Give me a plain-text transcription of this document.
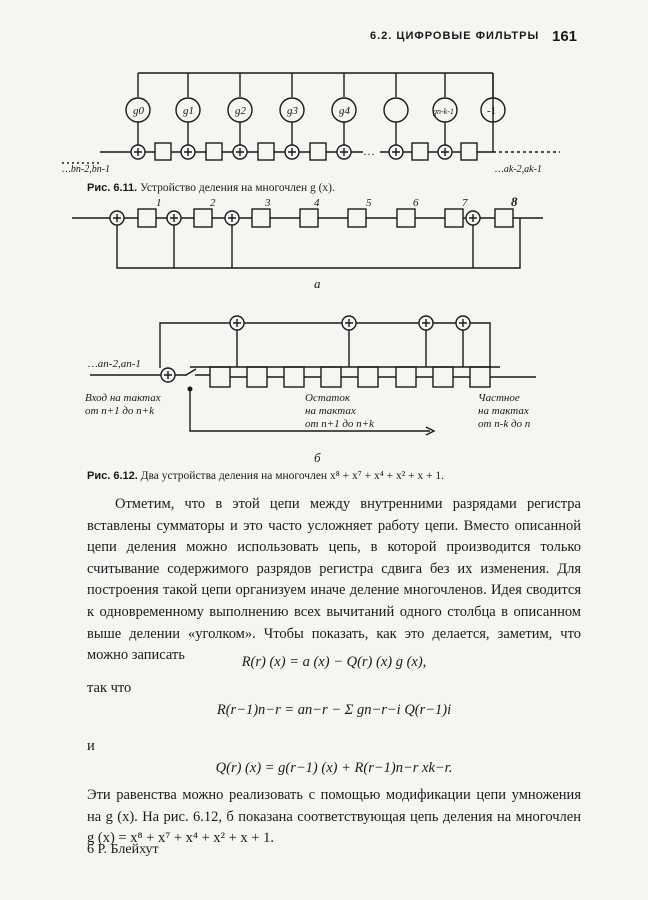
6.2. ЦИФРОВЫЕ ФИЛЬТРЫ 161
…
g0	g1	g2	g3	g4	gn-k-1	-1
…bn-2,bn-1	…ak-2,ak-1
Рис. 6.11. Устройство деления на многочлен g (x).
1	2	3	4	5	6	7	8
а
…an-2,an-1
Вход на тактах
от n+1 до n+k
Остаток
на тактах
от n+1 до n+k
Частное
на тактах
от n-k до n
б
Рис. 6.12. Два устройства деления на многочлен x⁸ + x⁷ + x⁴ + x² + x + 1.

Отметим, что в этой цепи между внутренними разрядами регистра вставлены сумматоры и это часто усложняет работу цепи. Вместо описанной цепи деления можно использовать цепь, в которой производится только считывание содержимого разрядов регистра сдвига без их изменения. Для построения такой цепи организуем иначе деление многочленов. Идея сводится к одновременному выполнению всех вычитаний одного столбца в описанном выше делении «уголком». Чтобы показать, как это делается, заметим, что можно записать	R(r) (x) = a (x) − Q(r) (x) g (x),
так что
R(r−1)n−r = an−r − Σ gn−r−i Q(r−1)i
и
Q(r) (x) = g(r−1) (x) + R(r−1)n−r xk−r.

Эти равенства можно реализовать с помощью модификации цепи умножения на g (x). На рис. 6.12, б показана соответствующая цепь деления на многочлен g (x) = x⁸ + x⁷ + x⁴ + x² + x + 1.

6 Р. Блейхут
